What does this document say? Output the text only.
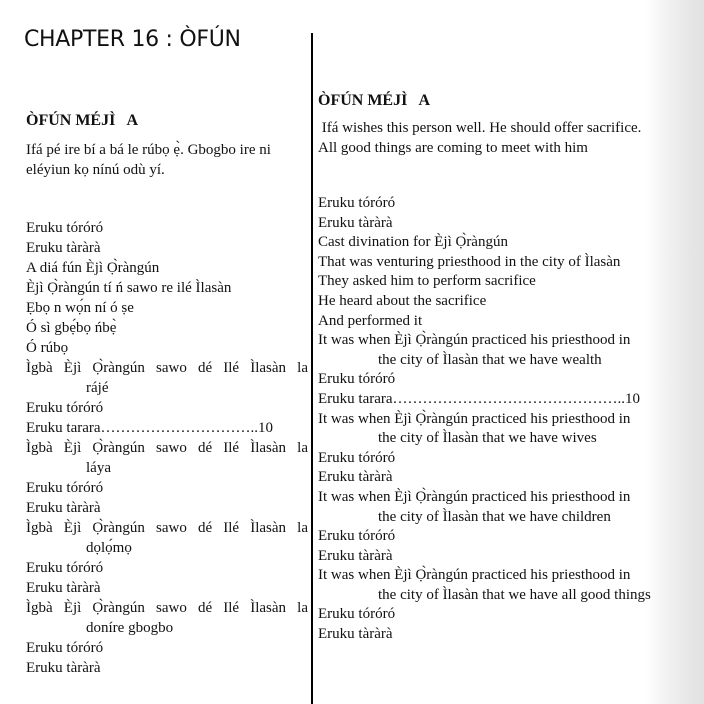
CHAPTER 16 : ÒFÚN
ÒFÚN MÉJÌ   A

Ifá pé ire bí a bá le rúbọ ẹ̀. Gbogbo ire ni eléyiun kọ nínú odù yí.

Eruku tóróró
Eruku tàràrà
A diá fún Èjì Ọ̀ràngún
Èjì Ọ̀ràngún tí ń sawo re ilé Ìlasàn
Ẹbọ n wọ́n ní ó ṣe
Ó sì gbẹ́bọ ńbẹ̀
Ó rúbọ
Ìgbà Èjì Ọ̀ràngún sawo dé Ilé Ìlasàn la
rájé
Eruku tóróró
Eruku tarara…………………………..10
Ìgbà Èjì Ọ̀ràngún sawo dé Ilé Ìlasàn la
láya
Eruku tóróró
Eruku tàràrà
Ìgbà Èjì Ọ̀ràngún sawo dé Ilé Ìlasàn la
dọlọ́mọ
Eruku tóróró
Eruku tàràrà
Ìgbà Èjì Ọ̀ràngún sawo dé Ilé Ìlasàn la
doníre gbogbo
Eruku tóróró
Eruku tàràrà
ÒFÚN MÉJÌ   A

Ifá wishes this person well. He should offer sacrifice.
All good things are coming to meet with him

Eruku tóróró
Eruku tàràrà
Cast divination for Èjì Ọ̀ràngún
That was venturing priesthood in the city of Ìlasàn
They asked him to perform sacrifice
He heard about the sacrifice
And performed it
It was when Èjì Ọ̀ràngún practiced his priesthood in
the city of Ìlasàn that we have wealth
Eruku tóróró
Eruku tarara………………………………………..10
It was when Èjì Ọ̀ràngún practiced his priesthood in
the city of Ìlasàn that we have wives
Eruku tóróró
Eruku tàràrà
It was when Èjì Ọ̀ràngún practiced his priesthood in
the city of Ìlasàn that we have children
Eruku tóróró
Eruku tàràrà
It was when Èjì Ọ̀ràngún practiced his priesthood in
the city of Ìlasàn that we have all good things
Eruku tóróró
Eruku tàràrà
